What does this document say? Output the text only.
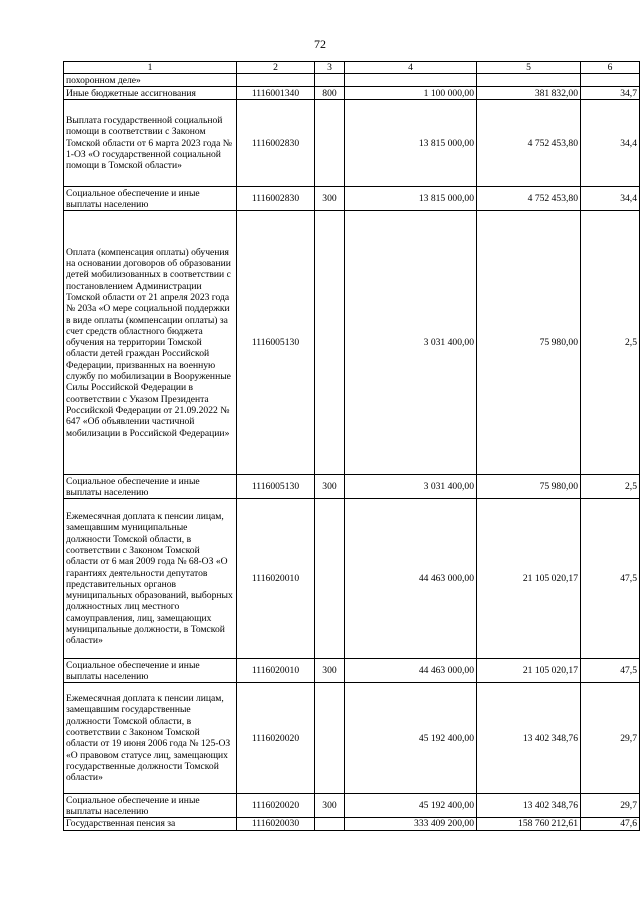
72
1	2	3	4	5	6
похоронном деле»					
Иные бюджетные ассигнования	1116001340	800	1 100 000,00	381 832,00	34,7
Выплата государственной социальной помощи в соответствии с Законом Томской области от 6 марта 2023 года № 1-ОЗ «О государственной социальной помощи в Томской области»	1116002830		13 815 000,00	4 752 453,80	34,4
Социальное обеспечение и иные выплаты населению	1116002830	300	13 815 000,00	4 752 453,80	34,4
Оплата (компенсация оплаты) обучения на основании договоров об образовании детей мобилизованных в соответствии с постановлением Администрации Томской области от 21 апреля 2023 года № 203а «О мере социальной поддержки в виде оплаты (компенсации оплаты) за счет средств областного бюджета обучения на территории Томской области детей граждан Российской Федерации, призванных на военную службу по мобилизации в Вооруженные Силы Российской Федерации в соответствии с Указом Президента Российской Федерации от 21.09.2022 № 647 «Об объявлении частичной мобилизации в Российской Федерации»	1116005130		3 031 400,00	75 980,00	2,5
Социальное обеспечение и иные выплаты населению	1116005130	300	3 031 400,00	75 980,00	2,5
Ежемесячная доплата к пенсии лицам, замещавшим муниципальные должности Томской области, в соответствии с Законом Томской области от 6 мая 2009 года № 68-ОЗ «О гарантиях деятельности депутатов представительных органов муниципальных образований, выборных должностных лиц местного самоуправления, лиц, замещающих муниципальные должности, в Томской области»	1116020010		44 463 000,00	21 105 020,17	47,5
Социальное обеспечение и иные выплаты населению	1116020010	300	44 463 000,00	21 105 020,17	47,5
Ежемесячная доплата к пенсии лицам, замещавшим государственные должности Томской области, в соответствии с Законом Томской области от 19 июня 2006 года № 125-ОЗ «О правовом статусе лиц, замещающих государственные должности Томской области»	1116020020		45 192 400,00	13 402 348,76	29,7
Социальное обеспечение и иные выплаты населению	1116020020	300	45 192 400,00	13 402 348,76	29,7
Государственная пенсия за	1116020030		333 409 200,00	158 760 212,61	47,6
